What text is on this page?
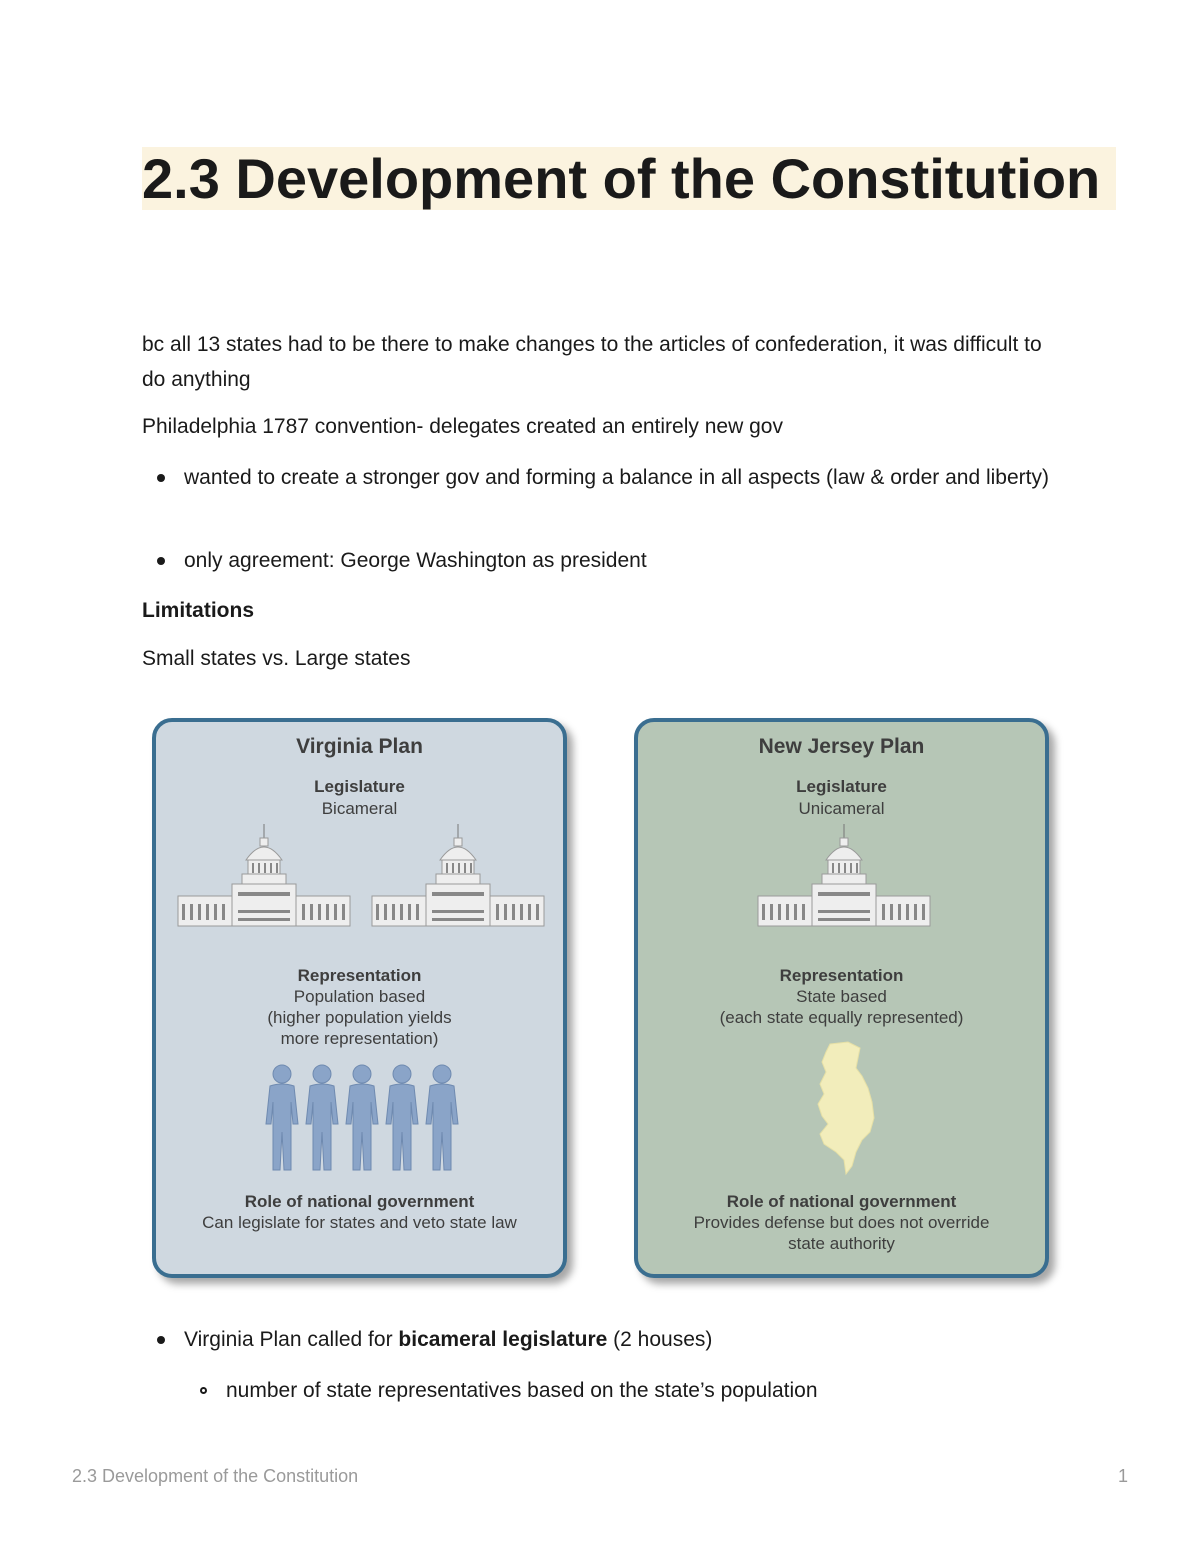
2.3 Development of the Constitution

bc all 13 states had to be there to make changes to the articles of confederation, it was difficult to do anything

Philadelphia 1787 convention- delegates created an entirely new gov

wanted to create a stronger gov and forming a balance in all aspects (law & order and liberty)
only agreement: George Washington as president

Limitations

Small states vs. Large states

Virginia Plan
Legislature
Bicameral
Representation
Population based
(higher population yields
more representation)
Role of national government
Can legislate for states and veto state law
New Jersey Plan
Legislature
Unicameral
Representation
State based
(each state equally represented)
Role of national government
Provides defense but does not override
state authority
Virginia Plan called for bicameral legislature (2 houses)
number of state representatives based on the state’s population
2.3 Development of the Constitution	1
